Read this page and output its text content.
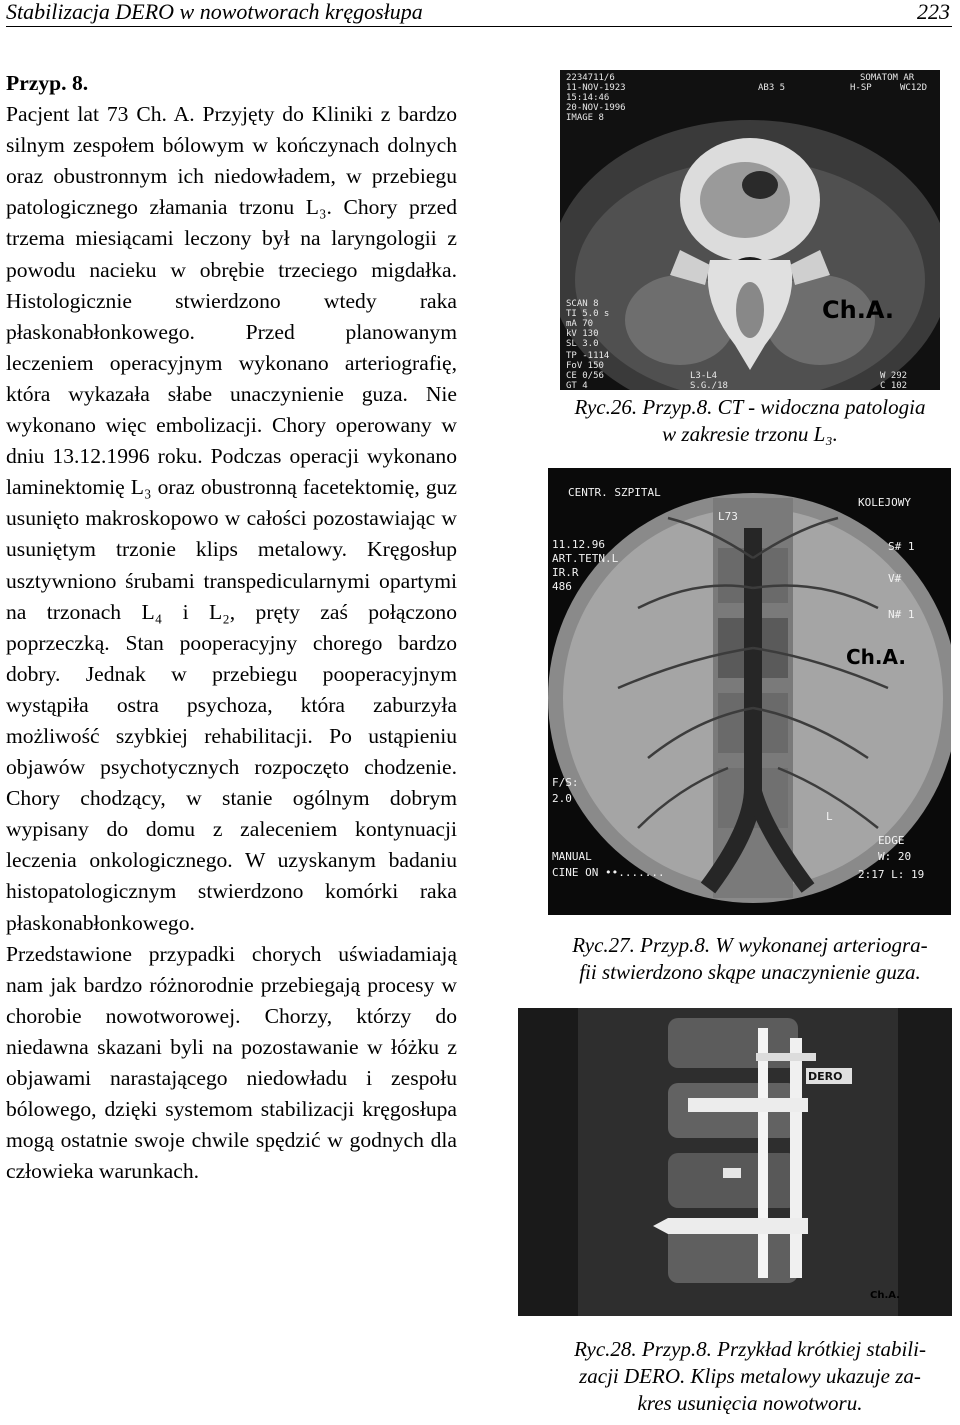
Stabilizacja DERO w nowotworach kręgosłupa	223

Przyp. 8.

Pacjent lat 73 Ch. A. Przyjęty do Kliniki z bardzo silnym zespołem bólowym w kończynach dolnych oraz obustronnym ich niedowładem, w przebiegu patologicznego złamania trzonu L₃. Chory przed trzema miesiącami leczony był na laryngologii z powodu nacieku w obrębie trzeciego migdałka. Histologicznie stwierdzono wtedy raka płaskonabłonkowego. Przed planowanym leczeniem operacyjnym wykonano arteriografię, która wykazała słabe unaczynienie guza. Nie wykonano więc embolizacji. Chory operowany w dniu 13.12.1996 roku. Podczas operacji wykonano laminektomię L₃ oraz obustronną facetektomię, guz usunięto makroskopowo w całości pozostawiając w usuniętym trzonie klips metalowy. Kręgosłup usztywniono śrubami transpedicularnymi opartymi na trzonach L₄ i L₂, pręty zaś połączono poprzeczką. Stan pooperacyjny chorego bardzo dobry. Jednak w przebiegu pooperacyjnym wystąpiła ostra psychoza, która zaburzyła możliwość szybkiej rehabilitacji. Po ustąpieniu objawów psychotycznych rozpoczęto chodzenie. Chory chodzący, w stanie ogólnym dobrym wypisany do domu z zaleceniem kontynuacji leczenia onkologicznego. W uzyskanym badaniu histopatologicznym stwierdzono komórki raka płaskonabłonkowego.

Przedstawione przypadki chorych uświadamiają nam jak bardzo różnorodnie przebiegają procesy w chorobie nowotworowej. Chorzy, którzy do niedawna skazani byli na pozostawanie w łóżku z objawami narastającego niedowładu i zespołu bólowego, dzięki systemom stabilizacji kręgosłupa mogą ostatnie swoje chwile spędzić w godnych dla człowieka warunkach.

2234711/6
11-NOV-1923
15:14:46
20-NOV-1996
IMAGE 8
SOMATOM AR
AB3 5	H-SP	WC12D
SCAN 8
TI 5.0 s
mA 70
kV 130
SL 3.0
TP -1114
FoV 150
CE 0/56
GT 4
L3-L4
S.G./18
W 292
C 102
Ch.A.
Ryc.26. Przyp.8. CT - widoczna patologia
w zakresie trzonu L₃.
CENTR. SZPITAL
KOLEJOWY
L73
11.12.96
ART.TETN.L
IR.R
486
S# 1
V#
N# 1
F/S:
2.0
L
MANUAL
CINE ON ••.......
EDGE
W: 20
2:17 L: 19
Ch.A.
Ryc.27. Przyp.8. W wykonanej arteriogra-
fii stwierdzono skąpe unaczynienie guza.
DERO
Ch.A.
Ryc.28. Przyp.8. Przykład krótkiej stabili-
zacji DERO. Klips metalowy ukazuje za-
kres usunięcia nowotworu.
